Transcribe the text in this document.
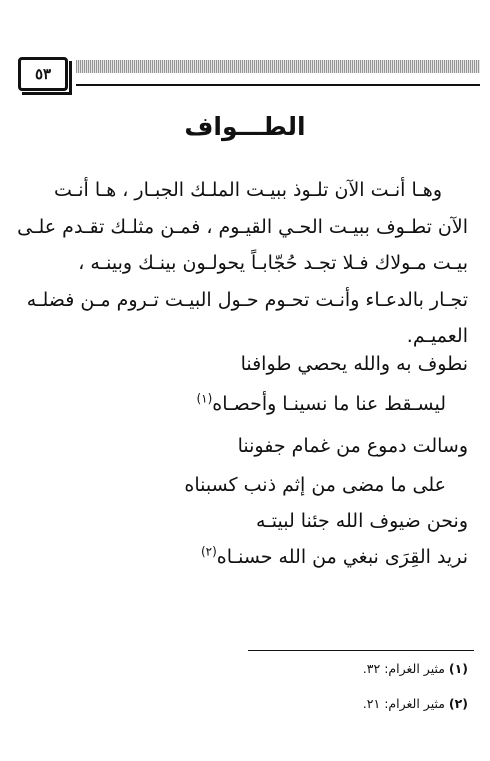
٥٣
الطـــواف
وهـا أنـت الآن تلـوذ ببيـت الملـك الجبـار ، هـا أنـت
الآن تطـوف ببيـت الحـي القيـوم ، فمـن مثلـك تقـدم علـى
بيـت مـولاك فـلا تجـد حُجّابـاً يحولـون بينـك وبينـه ،
تجـار بالدعـاء وأنـت تحـوم حـول البيـت تـروم مـن فضلـه
العميـم.
نطوف به والله يحصي طوافنا
ليسـقط عنا ما نسينـا وأحصـاه$^{(١)}$
وسالت دموع من غمام جفوننا
على ما مضى من إثم ذنب كسبناه
ونحن ضيوف الله جئنا لبيتـه
نريد القِرَى نبغي من الله حسنـاه$^{(٢)}$
(١) مثير الغرام: ٣٢.
(٢) مثير الغرام: ٢١.
